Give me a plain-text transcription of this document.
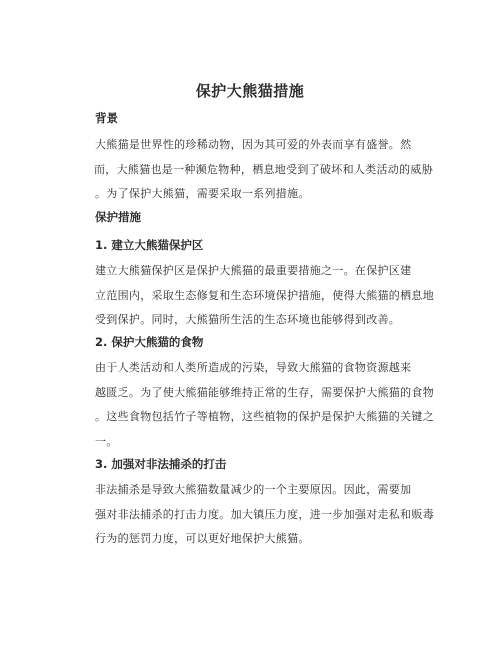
保护大熊猫措施
背景
大熊猫是世界性的珍稀动物，因为其可爱的外表而享有盛誉。然
而，大熊猫也是一种濒危物种，栖息地受到了破坏和人类活动的威胁
。为了保护大熊猫，需要采取一系列措施。
保护措施
1. 建立大熊猫保护区
建立大熊猫保护区是保护大熊猫的最重要措施之一。在保护区建
立范围内，采取生态修复和生态环境保护措施，使得大熊猫的栖息地
受到保护。同时，大熊猫所生活的生态环境也能够得到改善。
2. 保护大熊猫的食物
由于人类活动和人类所造成的污染，导致大熊猫的食物资源越来
越匮乏。为了使大熊猫能够维持正常的生存，需要保护大熊猫的食物
。这些食物包括竹子等植物，这些植物的保护是保护大熊猫的关键之
一。
3. 加强对非法捕杀的打击
非法捕杀是导致大熊猫数量减少的一个主要原因。因此，需要加
强对非法捕杀的打击力度。加大镇压力度，进一步加强对走私和贩毒
行为的惩罚力度，可以更好地保护大熊猫。
